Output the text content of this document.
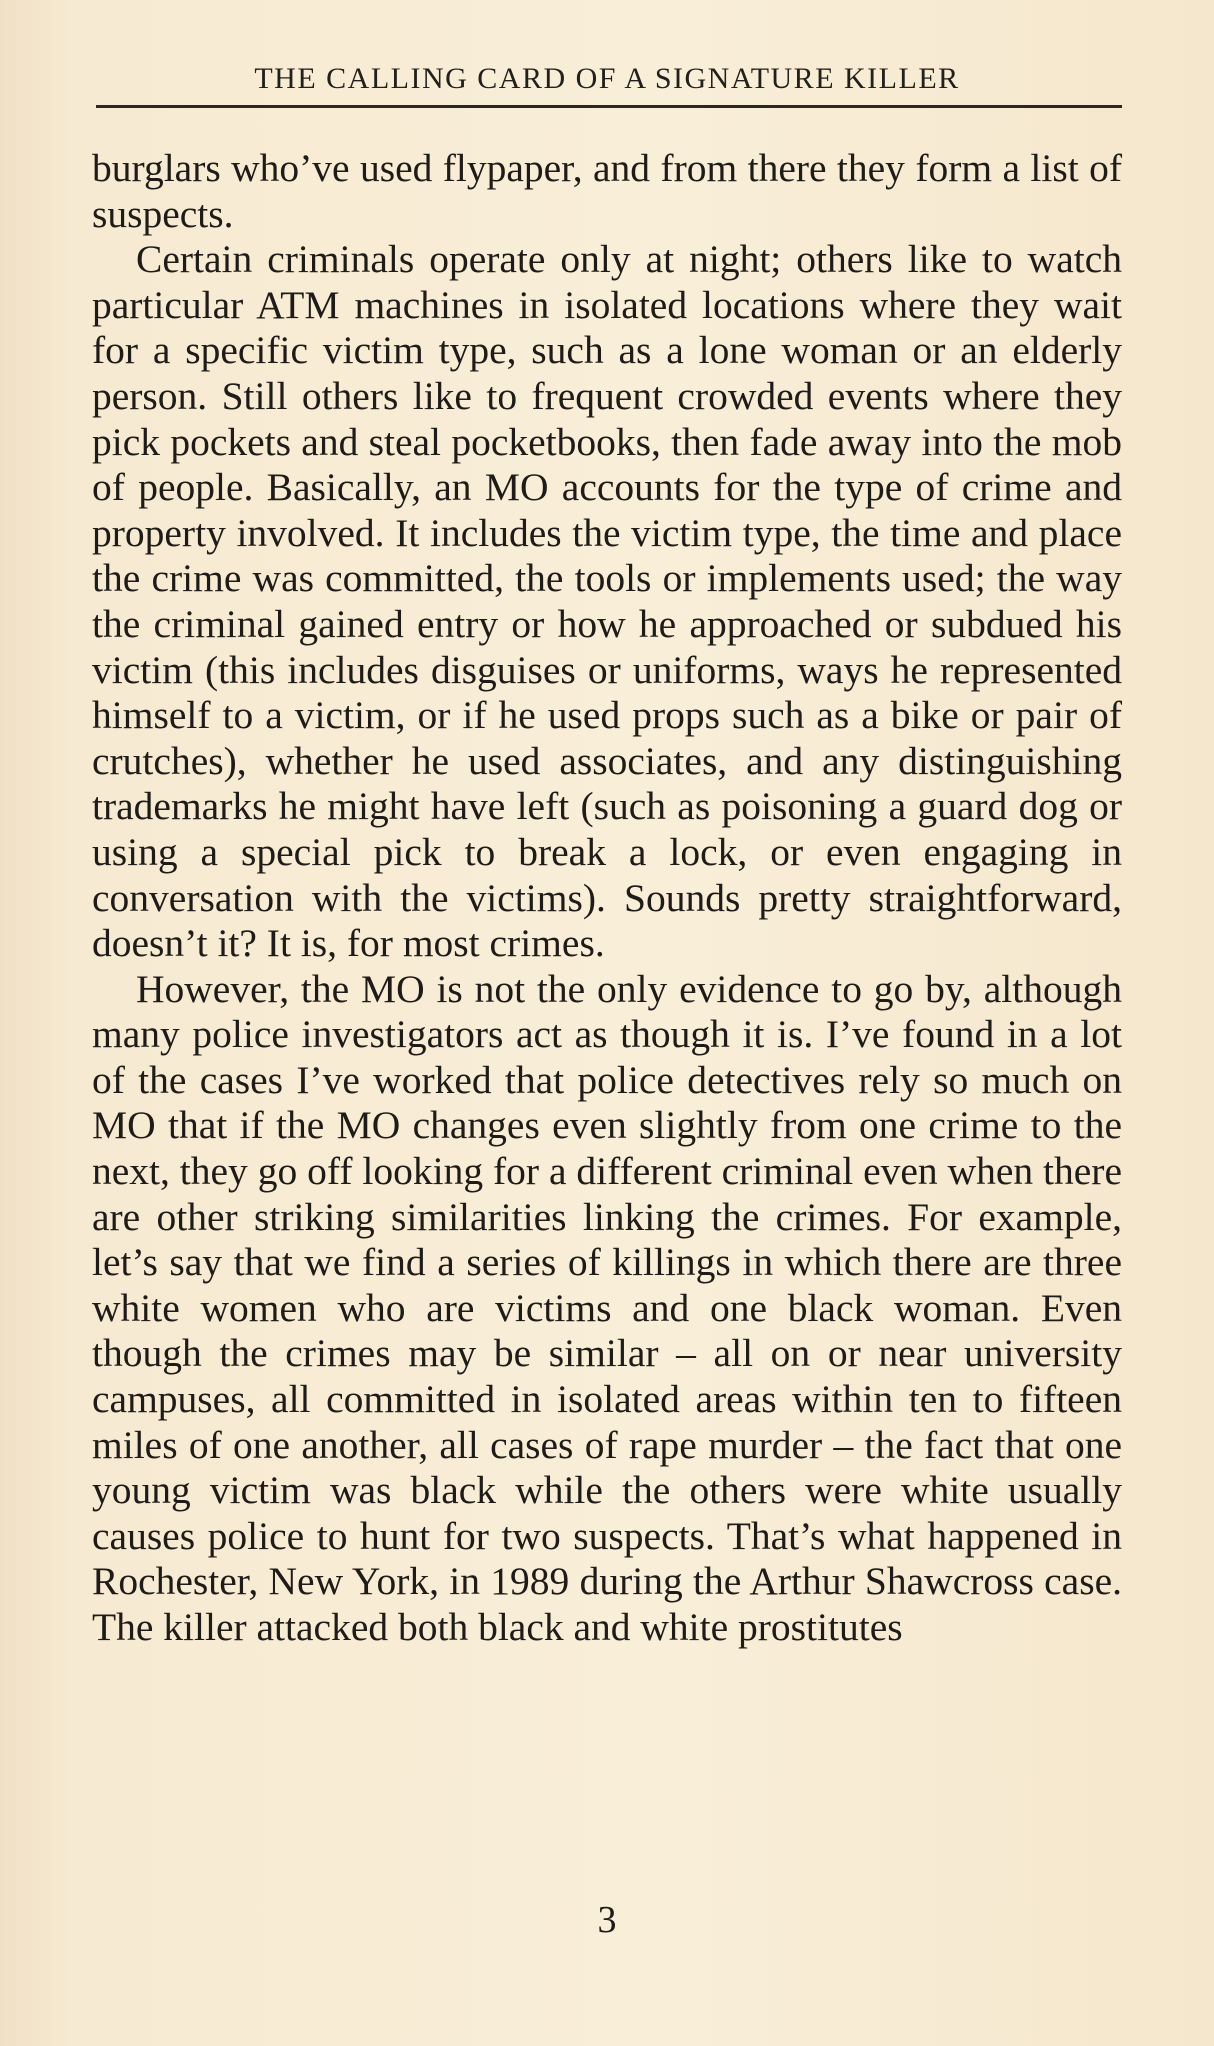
THE CALLING CARD OF A SIGNATURE KILLER

burglars who’ve used flypaper, and from there they form a list of suspects.

Certain criminals operate only at night; others like to watch particular ATM machines in isolated locations where they wait for a specific victim type, such as a lone woman or an elderly person. Still others like to frequent crowded events where they pick pockets and steal pocketbooks, then fade away into the mob of people. Basically, an MO accounts for the type of crime and property involved. It includes the victim type, the time and place the crime was committed, the tools or implements used; the way the criminal gained entry or how he approached or subdued his victim (this includes disguises or uniforms, ways he represented himself to a victim, or if he used props such as a bike or pair of crutches), whether he used associates, and any distinguishing trademarks he might have left (such as poisoning a guard dog or using a special pick to break a lock, or even engaging in conversation with the victims). Sounds pretty straightforward, doesn’t it? It is, for most crimes.

However, the MO is not the only evidence to go by, although many police investigators act as though it is. I’ve found in a lot of the cases I’ve worked that police detectives rely so much on MO that if the MO changes even slightly from one crime to the next, they go off looking for a different criminal even when there are other striking similarities linking the crimes. For example, let’s say that we find a series of killings in which there are three white women who are victims and one black woman. Even though the crimes may be similar – all on or near university campuses, all committed in isolated areas within ten to fifteen miles of one another, all cases of rape murder – the fact that one young victim was black while the others were white usually causes police to hunt for two suspects. That’s what happened in Rochester, New York, in 1989 during the Arthur Shawcross case. The killer attacked both black and white prostitutes

3
